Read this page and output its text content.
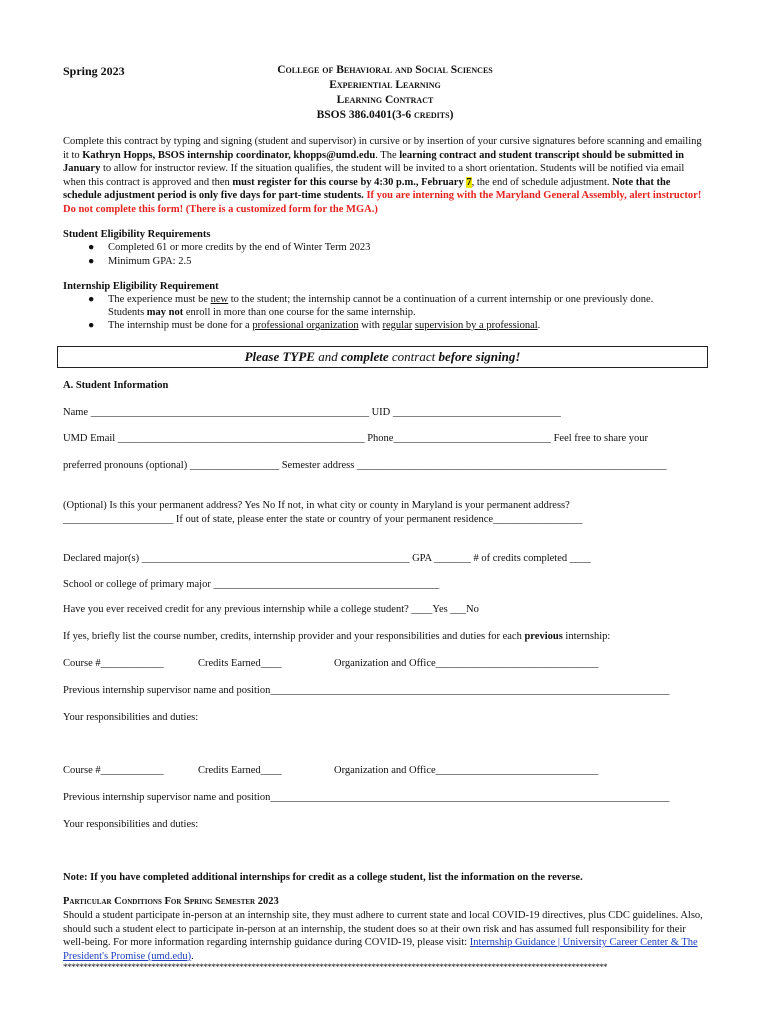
Spring 2023	College of Behavioral and Social Sciences
Experiential Learning
Learning Contract
BSOS 386.0401(3-6 credits)
Complete this contract by typing and signing (student and supervisor) in cursive or by insertion of your cursive signatures before scanning and emailing it to Kathryn Hopps, BSOS internship coordinator, khopps@umd.edu. The learning contract and student transcript should be submitted in January to allow for instructor review. If the situation qualifies, the student will be invited to a short orientation. Students will be notified via email when this contract is approved and then must register for this course by 4:30 p.m., February 7, the end of schedule adjustment. Note that the schedule adjustment period is only five days for part-time students. If you are interning with the Maryland General Assembly, alert instructor! Do not complete this form! (There is a customized form for the MGA.)
Student Eligibility Requirements
● Completed 61 or more credits by the end of Winter Term 2023
● Minimum GPA: 2.5
Internship Eligibility Requirement
● The experience must be new to the student; the internship cannot be a continuation of a current internship or one previously done.
Students may not enroll in more than one course for the same internship.
● The internship must be done for a professional organization with regular supervision by a professional.
Please TYPE and complete contract before signing!
A. Student Information
Name _____________________________________________________ UID ________________________________
UMD Email _______________________________________________ Phone______________________________ Feel free to share your
preferred pronouns (optional) _________________ Semester address ___________________________________________________________
(Optional) Is this your permanent address? Yes No If not, in what city or county in Maryland is your permanent address?
_____________________ If out of state, please enter the state or country of your permanent residence_________________
Declared major(s) ___________________________________________________ GPA _______ # of credits completed ____
School or college of primary major ___________________________________________
Have you ever received credit for any previous internship while a college student? ____Yes ___No
If yes, briefly list the course number, credits, internship provider and your responsibilities and duties for each previous internship:
Course #____________	Credits Earned____	Organization and Office_______________________________
Previous internship supervisor name and position____________________________________________________________________________
Your responsibilities and duties:
Course #____________	Credits Earned____	Organization and Office_______________________________
Previous internship supervisor name and position____________________________________________________________________________
Your responsibilities and duties:
Note: If you have completed additional internships for credit as a college student, list the information on the reverse.
Particular Conditions For Spring Semester 2023
Should a student participate in-person at an internship site, they must adhere to current state and local COVID-19 directives, plus CDC guidelines. Also, should such a student elect to participate in-person at an internship, the student does so at their own risk and has assumed full responsibility for their well-being. For more information regarding internship guidance during COVID-19, please visit: Internship Guidance | University Career Center & The President's Promise (umd.edu).
****************************************************************************************************************************************
